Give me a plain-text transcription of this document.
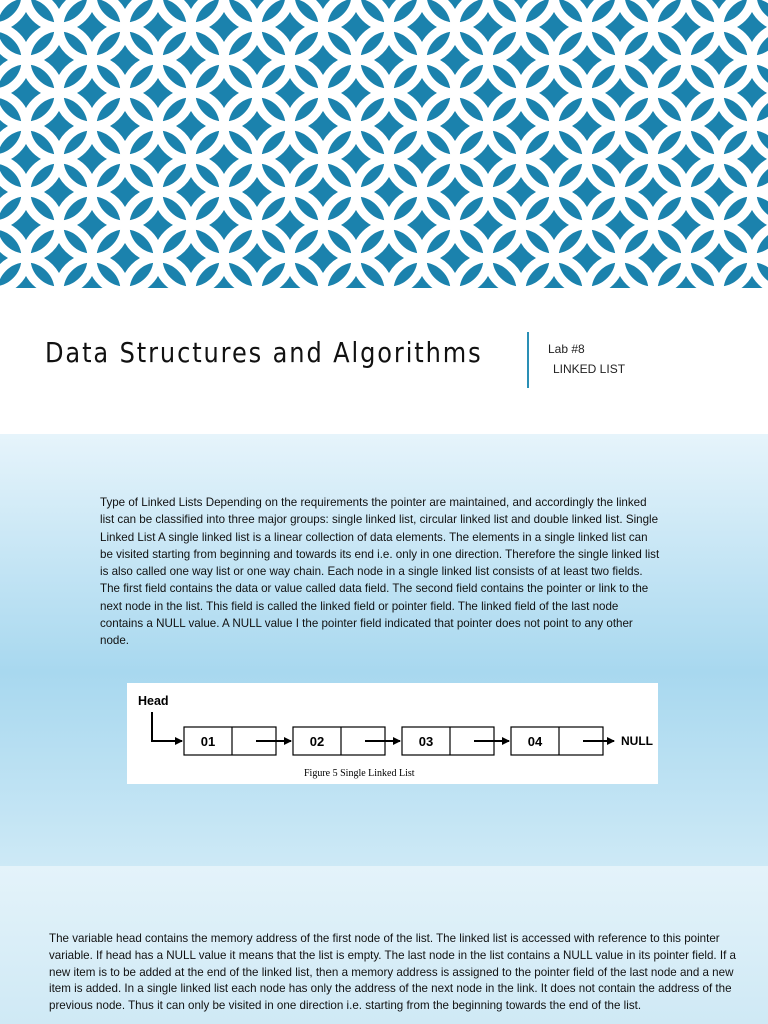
Data Structures and Algorithms	Lab #8
LINKED LIST

Type of Linked Lists Depending on the requirements the pointer are maintained, and accordingly the linked list can be classified into three major groups: single linked list, circular linked list and double linked list. Single Linked List A single linked list is a linear collection of data elements. The elements in a single linked list can be visited starting from beginning and towards its end i.e. only in one direction. Therefore the single linked list is also called one way list or one way chain. Each node in a single linked list consists of at least two fields. The first field contains the data or value called data field. The second field contains the pointer or link to the next node in the list. This field is called the linked field or pointer field. The linked field of the last node contains a NULL value. A NULL value I the pointer field indicated that pointer does not point to any other node.

Head
01	02	03	04	NULL
Figure 5 Single Linked List

The variable head contains the memory address of the first node of the list. The linked list is accessed with reference to this pointer variable. If head has a NULL value it means that the list is empty. The last node in the list contains a NULL value in its pointer field. If a new item is to be added at the end of the linked list, then a memory address is assigned to the pointer field of the last node and a new item is added. In a single linked list each node has only the address of the next node in the link. It does not contain the address of the previous node. Thus it can only be visited in one direction i.e. starting from the beginning towards the end of the list.
